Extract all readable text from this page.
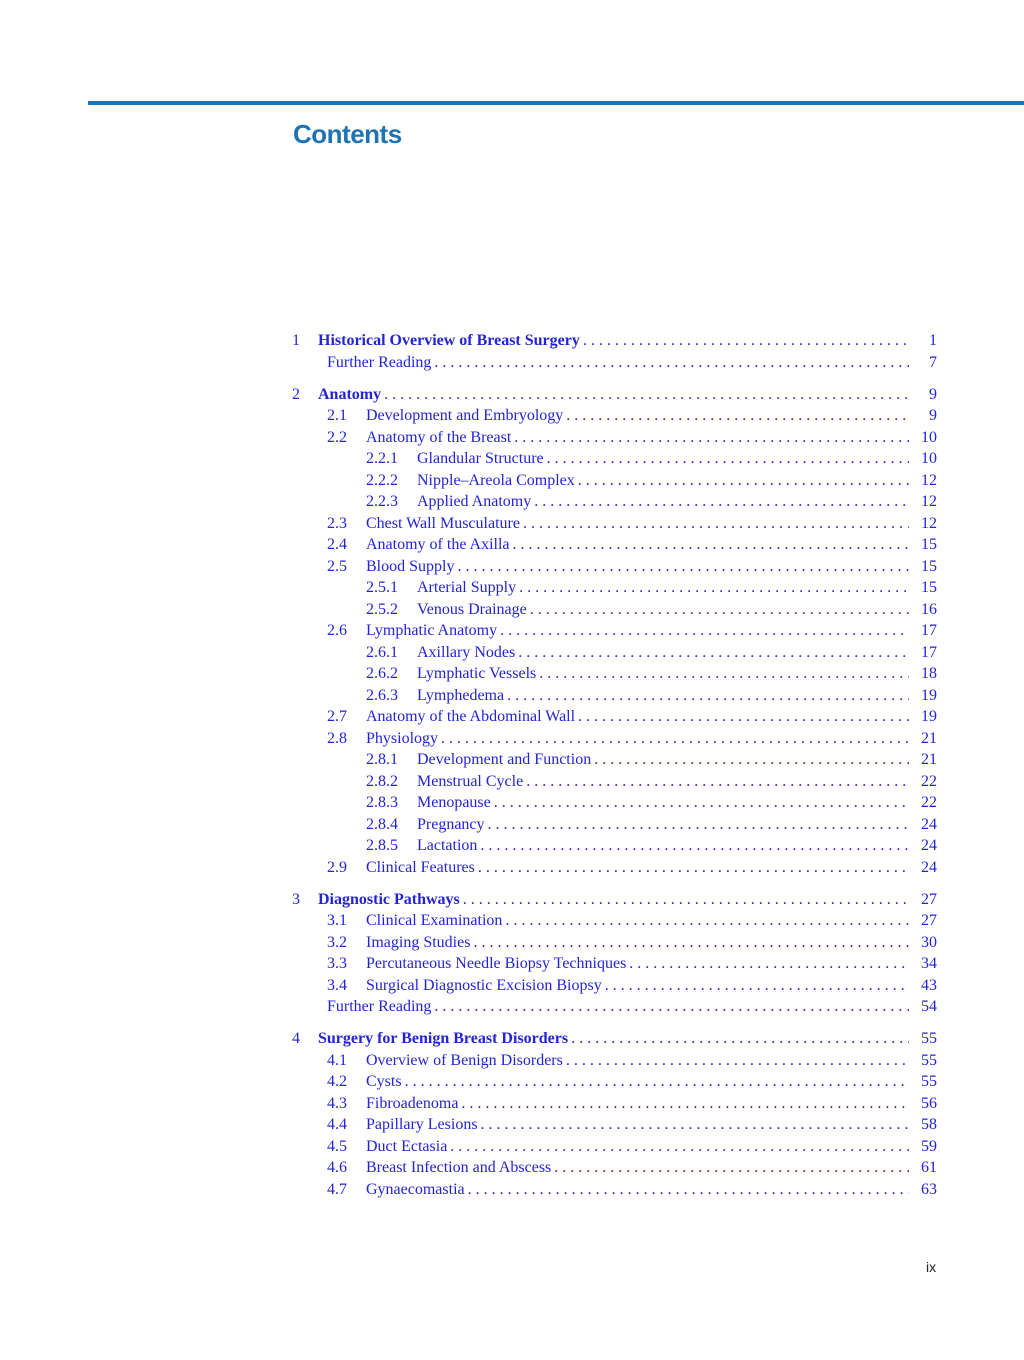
Contents
1	Historical Overview of Breast Surgery . . .	1
Further Reading . . .	7
2	Anatomy . . .	9
2.1	Development and Embryology . . .	9
2.2	Anatomy of the Breast . . .	10
2.2.1	Glandular Structure . . .	10
2.2.2	Nipple–Areola Complex . . .	12
2.2.3	Applied Anatomy . . .	12
2.3	Chest Wall Musculature . . .	12
2.4	Anatomy of the Axilla . . .	15
2.5	Blood Supply . . .	15
2.5.1	Arterial Supply . . .	15
2.5.2	Venous Drainage . . .	16
2.6	Lymphatic Anatomy . . .	17
2.6.1	Axillary Nodes . . .	17
2.6.2	Lymphatic Vessels . . .	18
2.6.3	Lymphedema . . .	19
2.7	Anatomy of the Abdominal Wall . . .	19
2.8	Physiology . . .	21
2.8.1	Development and Function . . .	21
2.8.2	Menstrual Cycle . . .	22
2.8.3	Menopause . . .	22
2.8.4	Pregnancy . . .	24
2.8.5	Lactation . . .	24
2.9	Clinical Features . . .	24
3	Diagnostic Pathways . . .	27
3.1	Clinical Examination . . .	27
3.2	Imaging Studies . . .	30
3.3	Percutaneous Needle Biopsy Techniques . . .	34
3.4	Surgical Diagnostic Excision Biopsy . . .	43
Further Reading . . .	54
4	Surgery for Benign Breast Disorders . . .	55
4.1	Overview of Benign Disorders . . .	55
4.2	Cysts . . .	55
4.3	Fibroadenoma . . .	56
4.4	Papillary Lesions . . .	58
4.5	Duct Ectasia . . .	59
4.6	Breast Infection and Abscess . . .	61
4.7	Gynaecomastia . . .	63
ix
